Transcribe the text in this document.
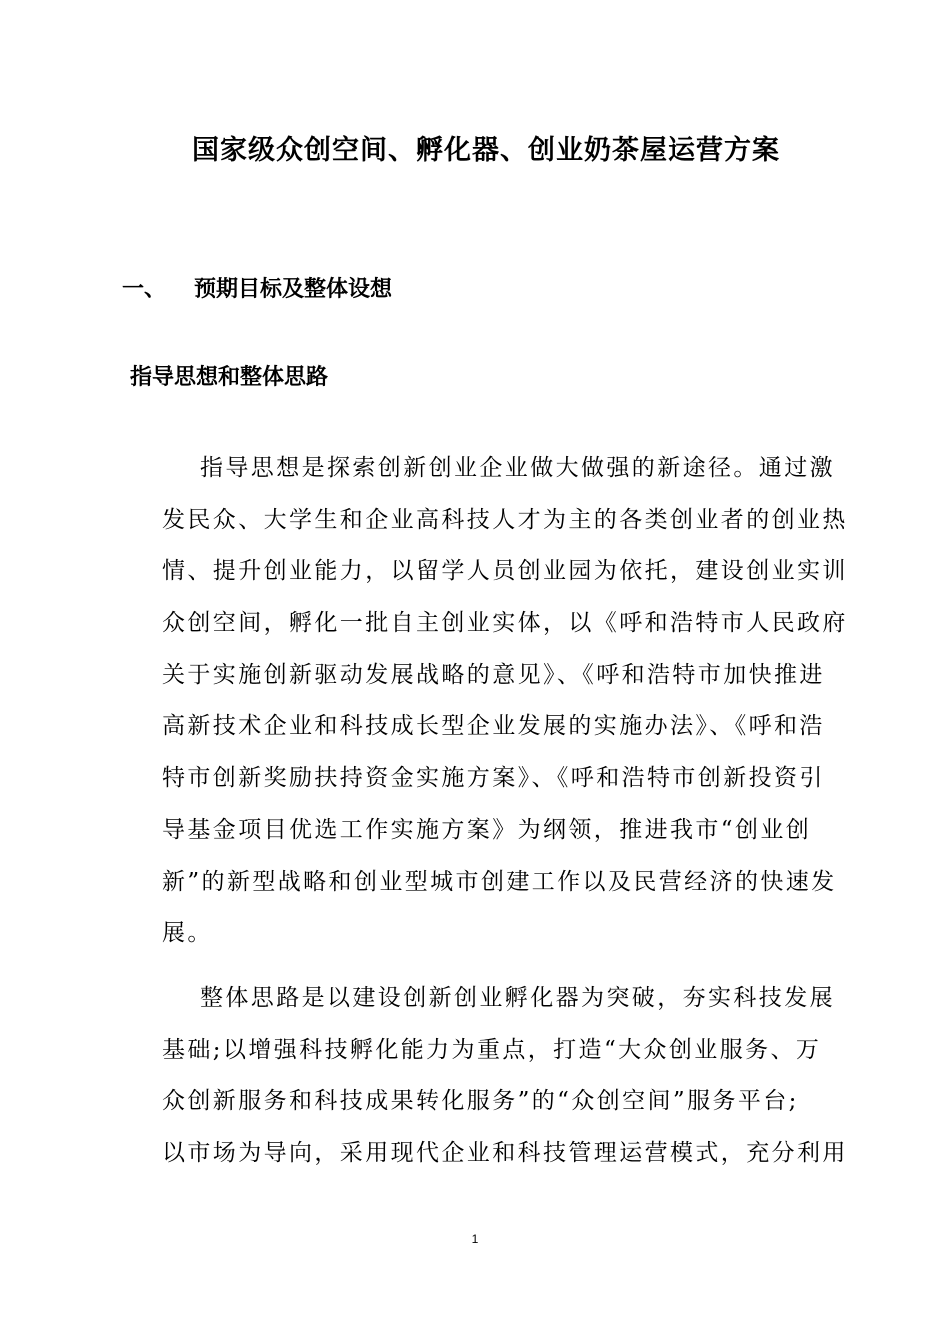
国家级众创空间、孵化器、创业奶茶屋运营方案
一、 预期目标及整体设想
指导思想和整体思路
指导思想是探索创新创业企业做大做强的新途径。通过激
发民众、大学生和企业高科技人才为主的各类创业者的创业热
情、提升创业能力，以留学人员创业园为依托，建设创业实训
众创空间，孵化一批自主创业实体，以《呼和浩特市人民政府
关于实施创新驱动发展战略的意见》、《呼和浩特市加快推进
高新技术企业和科技成长型企业发展的实施办法》、《呼和浩
特市创新奖励扶持资金实施方案》、《呼和浩特市创新投资引
导基金项目优选工作实施方案》为纲领，推进我市“创业创
新”的新型战略和创业型城市创建工作以及民营经济的快速发
展。
整体思路是以建设创新创业孵化器为突破，夯实科技发展
基础;以增强科技孵化能力为重点，打造“大众创业服务、万
众创新服务和科技成果转化服务”的“众创空间”服务平台;
以市场为导向，采用现代企业和科技管理运营模式，充分利用
1
